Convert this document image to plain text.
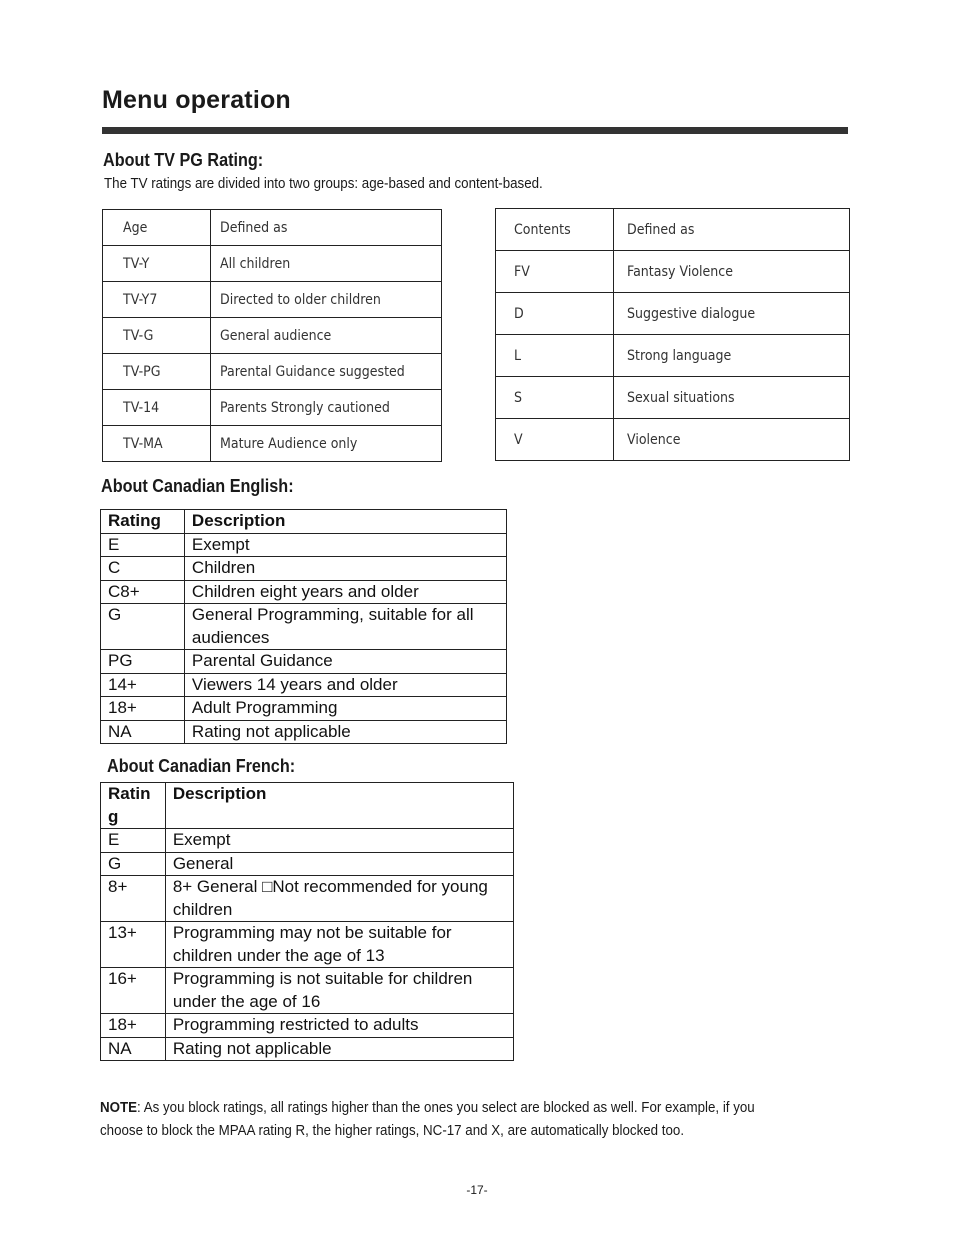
Menu operation
About TV PG Rating:
The TV ratings are divided into two groups: age-based and content-based.
Age	Defined as
TV-Y	All children
TV-Y7	Directed to older children
TV-G	General audience
TV-PG	Parental Guidance suggested
TV-14	Parents Strongly cautioned
TV-MA	Mature Audience only
Contents	Defined as
FV	Fantasy Violence
D	Suggestive dialogue
L	Strong language
S	Sexual situations
V	Violence
About Canadian English:
Rating	Description
E	Exempt
C	Children
C8+	Children eight years and older
G	General Programming, suitable for all audiences
PG	Parental Guidance
14+	Viewers 14 years and older
18+	Adult Programming
NA	Rating not applicable
About Canadian French:
Ratin g	Description
E	Exempt
G	General
8+	8+ General □Not recommended for young children
13+	Programming may not be suitable for children under the age of 13
16+	Programming is not suitable for children under the age of 16
18+	Programming restricted to adults
NA	Rating not applicable
NOTE: As you block ratings, all ratings higher than the ones you select are blocked as well. For example, if you choose to block the MPAA rating R, the higher ratings, NC-17 and X, are automatically blocked too.
-17-
